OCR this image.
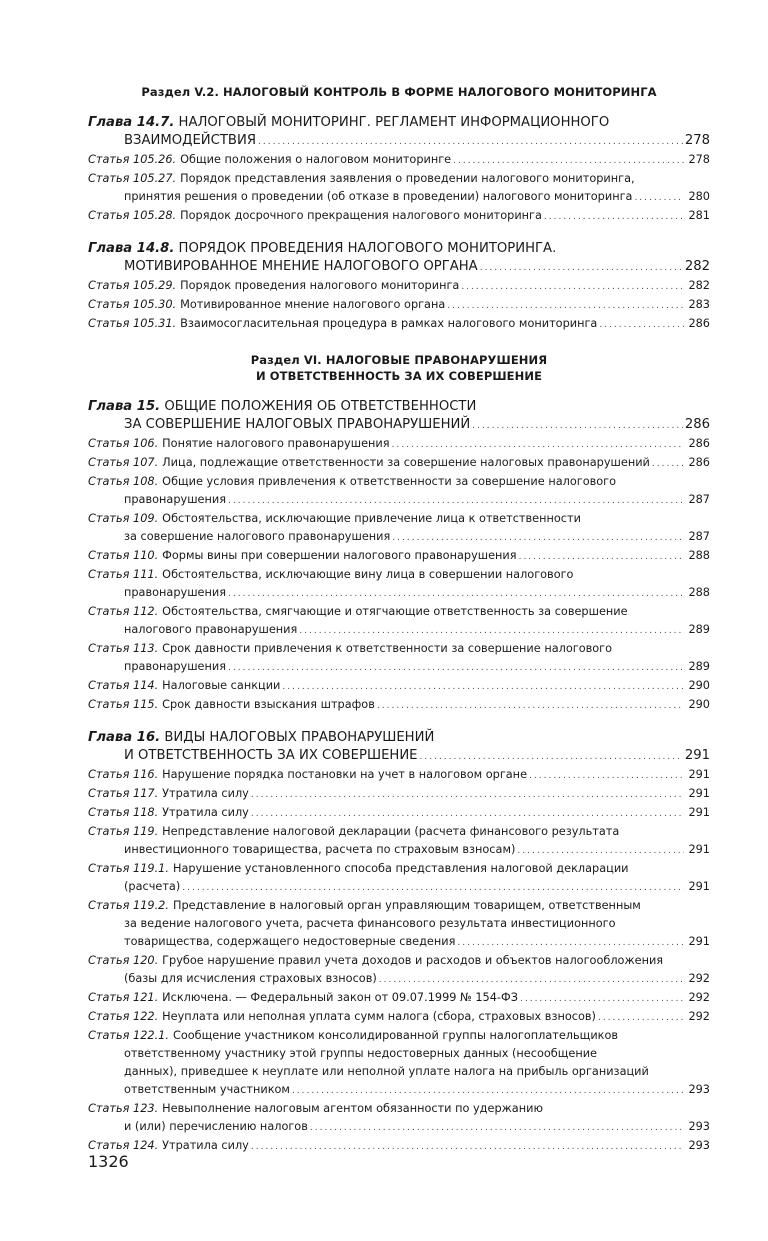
Раздел V.2. НАЛОГОВЫЙ КОНТРОЛЬ В ФОРМЕ НАЛОГОВОГО МОНИТОРИНГА
Глава 14.7. НАЛОГОВЫЙ МОНИТОРИНГ. РЕГЛАМЕНТ ИНФОРМАЦИОННОГО
ВЗАИМОДЕЙСТВИЯ .....	278
Статья 105.26. Общие положения о налоговом мониторинге .....	278
Статья 105.27. Порядок представления заявления о проведении налогового мониторинга,
принятия решения о проведении (об отказе в проведении) налогового мониторинга .....	280
Статья 105.28. Порядок досрочного прекращения налогового мониторинга .....	281
Глава 14.8. ПОРЯДОК ПРОВЕДЕНИЯ НАЛОГОВОГО МОНИТОРИНГА.
МОТИВИРОВАННОЕ МНЕНИЕ НАЛОГОВОГО ОРГАНА .....	282
Статья 105.29. Порядок проведения налогового мониторинга .....	282
Статья 105.30. Мотивированное мнение налогового органа .....	283
Статья 105.31. Взаимосогласительная процедура в рамках налогового мониторинга .....	286
Раздел VI. НАЛОГОВЫЕ ПРАВОНАРУШЕНИЯ
И ОТВЕТСТВЕННОСТЬ ЗА ИХ СОВЕРШЕНИЕ
Глава 15. ОБЩИЕ ПОЛОЖЕНИЯ ОБ ОТВЕТСТВЕННОСТИ
ЗА СОВЕРШЕНИЕ НАЛОГОВЫХ ПРАВОНАРУШЕНИЙ .....	286
Статья 106. Понятие налогового правонарушения .....	286
Статья 107. Лица, подлежащие ответственности за совершение налоговых правонарушений .....	286
Статья 108. Общие условия привлечения к ответственности за совершение налогового
правонарушения .....	287
Статья 109. Обстоятельства, исключающие привлечение лица к ответственности
за совершение налогового правонарушения .....	287
Статья 110. Формы вины при совершении налогового правонарушения .....	288
Статья 111. Обстоятельства, исключающие вину лица в совершении налогового
правонарушения .....	288
Статья 112. Обстоятельства, смягчающие и отягчающие ответственность за совершение
налогового правонарушения .....	289
Статья 113. Срок давности привлечения к ответственности за совершение налогового
правонарушения .....	289
Статья 114. Налоговые санкции .....	290
Статья 115. Срок давности взыскания штрафов .....	290
Глава 16. ВИДЫ НАЛОГОВЫХ ПРАВОНАРУШЕНИЙ
И ОТВЕТСТВЕННОСТЬ ЗА ИХ СОВЕРШЕНИЕ .....	291
Статья 116. Нарушение порядка постановки на учет в налоговом органе .....	291
Статья 117. Утратила силу .....	291
Статья 118. Утратила силу .....	291
Статья 119. Непредставление налоговой декларации (расчета финансового результата
инвестиционного товарищества, расчета по страховым взносам) .....	291
Статья 119.1. Нарушение установленного способа представления налоговой декларации
(расчета) .....	291
Статья 119.2. Представление в налоговый орган управляющим товарищем, ответственным
за ведение налогового учета, расчета финансового результата инвестиционного
товарищества, содержащего недостоверные сведения .....	291
Статья 120. Грубое нарушение правил учета доходов и расходов и объектов налогообложения
(базы для исчисления страховых взносов) .....	292
Статья 121. Исключена. — Федеральный закон от 09.07.1999 № 154-ФЗ .....	292
Статья 122. Неуплата или неполная уплата сумм налога (сбора, страховых взносов) .....	292
Статья 122.1. Сообщение участником консолидированной группы налогоплательщиков
ответственному участнику этой группы недостоверных данных (несообщение
данных), приведшее к неуплате или неполной уплате налога на прибыль организаций
ответственным участником .....	293
Статья 123. Невыполнение налоговым агентом обязанности по удержанию
и (или) перечислению налогов .....	293
Статья 124. Утратила силу .....	293
1326
